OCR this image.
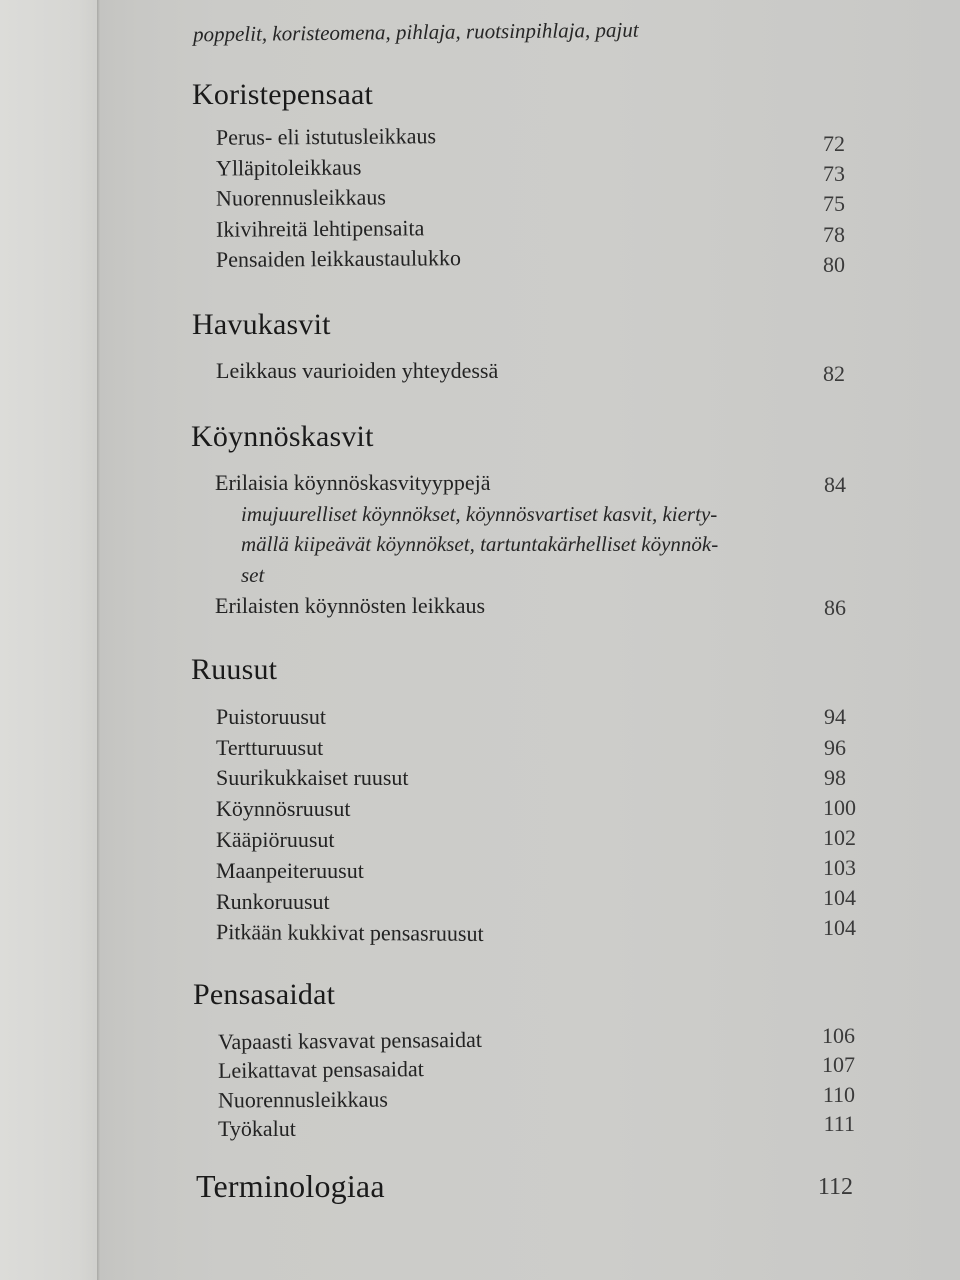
poppelit, koristeomena, pihlaja, ruotsinpihlaja, pajut
Koristepensaat
Perus- eli istutusleikkaus	72
Ylläpitoleikkaus	73
Nuorennusleikkaus	75
Ikivihreitä lehtipensaita	78
Pensaiden leikkaustaulukko	80
Havukasvit
Leikkaus vaurioiden yhteydessä	82
Köynnöskasvit
Erilaisia köynnöskasvityyppejä	84
imujuurelliset köynnökset, köynnösvartiset kasvit, kierty-
mällä kiipeävät köynnökset, tartuntakärhelliset köynnök-
set
Erilaisten köynnösten leikkaus	86
Ruusut
Puistoruusut	94
Tertturuusut	96
Suurikukkaiset ruusut	98
Köynnösruusut	100
Kääpiöruusut	102
Maanpeiteruusut	103
Runkoruusut	104
Pitkään kukkivat pensasruusut	104
Pensasaidat
Vapaasti kasvavat pensasaidat	106
Leikattavat pensasaidat	107
Nuorennusleikkaus	110
Työkalut	111
Terminologiaa	112
